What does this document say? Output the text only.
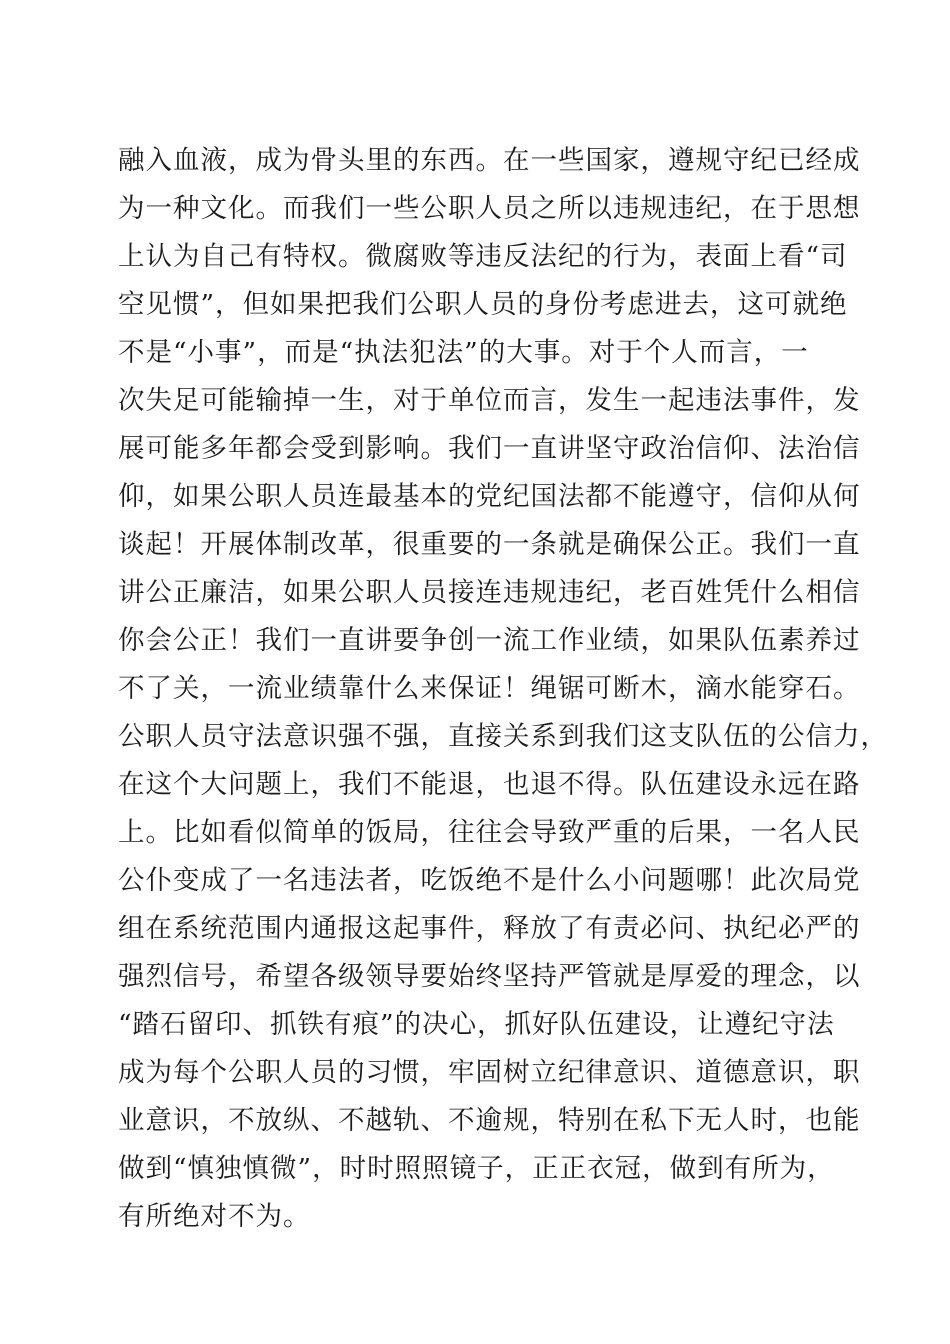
融入血液，成为骨头里的东西。在一些国家，遵规守纪已经成
为一种文化。而我们一些公职人员之所以违规违纪，在于思想
上认为自己有特权。微腐败等违反法纪的行为，表面上看“司
空见惯”，但如果把我们公职人员的身份考虑进去，这可就绝
不是“小事”，而是“执法犯法”的大事。对于个人而言，一
次失足可能输掉一生，对于单位而言，发生一起违法事件，发
展可能多年都会受到影响。我们一直讲坚守政治信仰、法治信
仰，如果公职人员连最基本的党纪国法都不能遵守，信仰从何
谈起！开展体制改革，很重要的一条就是确保公正。我们一直
讲公正廉洁，如果公职人员接连违规违纪，老百姓凭什么相信
你会公正！我们一直讲要争创一流工作业绩，如果队伍素养过
不了关，一流业绩靠什么来保证！绳锯可断木，滴水能穿石。
公职人员守法意识强不强，直接关系到我们这支队伍的公信力，
在这个大问题上，我们不能退，也退不得。队伍建设永远在路
上。比如看似简单的饭局，往往会导致严重的后果，一名人民
公仆变成了一名违法者，吃饭绝不是什么小问题哪！此次局党
组在系统范围内通报这起事件，释放了有责必问、执纪必严的
强烈信号，希望各级领导要始终坚持严管就是厚爱的理念，以
“踏石留印、抓铁有痕”的决心，抓好队伍建设，让遵纪守法
成为每个公职人员的习惯，牢固树立纪律意识、道德意识，职
业意识，不放纵、不越轨、不逾规，特别在私下无人时，也能
做到“慎独慎微”，时时照照镜子，正正衣冠，做到有所为，
有所绝对不为。
